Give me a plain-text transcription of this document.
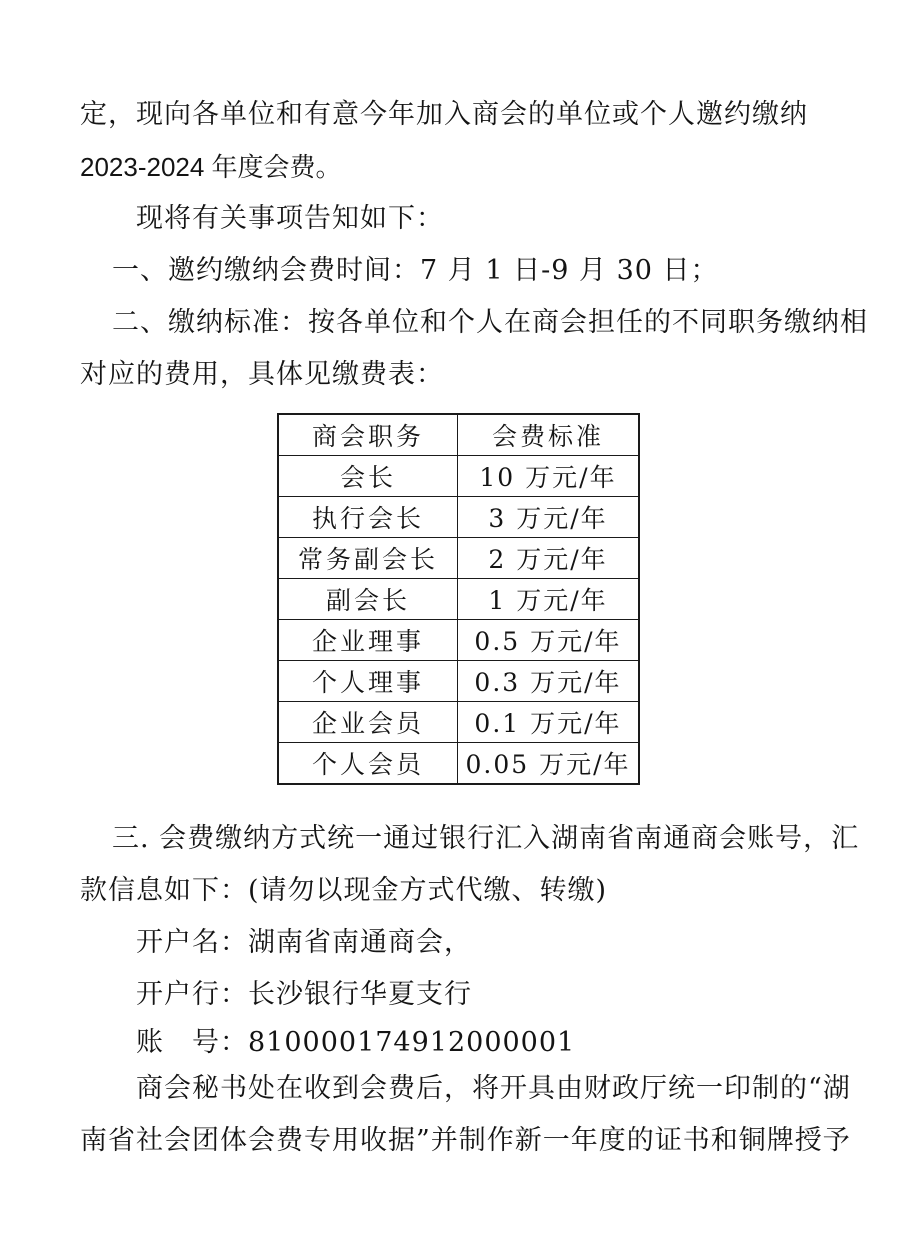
定，现向各单位和有意今年加入商会的单位或个人邀约缴纳
2023-2024 年度会费。
现将有关事项告知如下：
一、邀约缴纳会费时间：7 月 1 日-9 月 30 日；
二、缴纳标准：按各单位和个人在商会担任的不同职务缴纳相
对应的费用，具体见缴费表：
商会职务	会费标准
会长	10 万元/年
执行会长	3 万元/年
常务副会长	2 万元/年
副会长	1 万元/年
企业理事	0.5 万元/年
个人理事	0.3 万元/年
企业会员	0.1 万元/年
个人会员	0.05 万元/年
三. 会费缴纳方式统一通过银行汇入湖南省南通商会账号，汇
款信息如下：(请勿以现金方式代缴、转缴)
开户名：湖南省南通商会，
开户行：长沙银行华夏支行
账　号：810000174912000001
商会秘书处在收到会费后，将开具由财政厅统一印制的“湖
南省社会团体会费专用收据”并制作新一年度的证书和铜牌授予
